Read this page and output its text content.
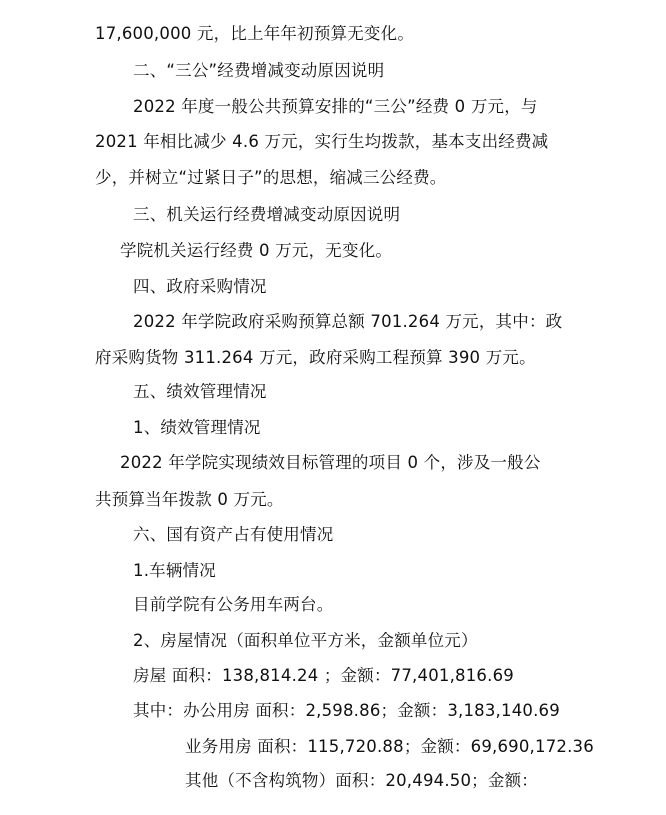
17,600,000 元，比上年年初预算无变化。
二、“三公”经费增减变动原因说明
2022 年度一般公共预算安排的“三公”经费 0 万元，与
2021 年相比减少 4.6 万元，实行生均拨款，基本支出经费减
少，并树立“过紧日子”的思想，缩减三公经费。
三、机关运行经费增减变动原因说明
学院机关运行经费 0 万元，无变化。
四、政府采购情况
2022 年学院政府采购预算总额 701.264 万元，其中：政
府采购货物 311.264 万元，政府采购工程预算 390 万元。
五、绩效管理情况
1、绩效管理情况
2022 年学院实现绩效目标管理的项目 0 个，涉及一般公
共预算当年拨款 0 万元。
六、国有资产占有使用情况
1.车辆情况
目前学院有公务用车两台。
2、房屋情况（面积单位平方米，金额单位元）
房屋 面积：138,814.24 ；金额：77,401,816.69
其中：办公用房 面积：2,598.86；金额：3,183,140.69
业务用房 面积：115,720.88；金额：69,690,172.36
其他（不含构筑物）面积：20,494.50；金额：
